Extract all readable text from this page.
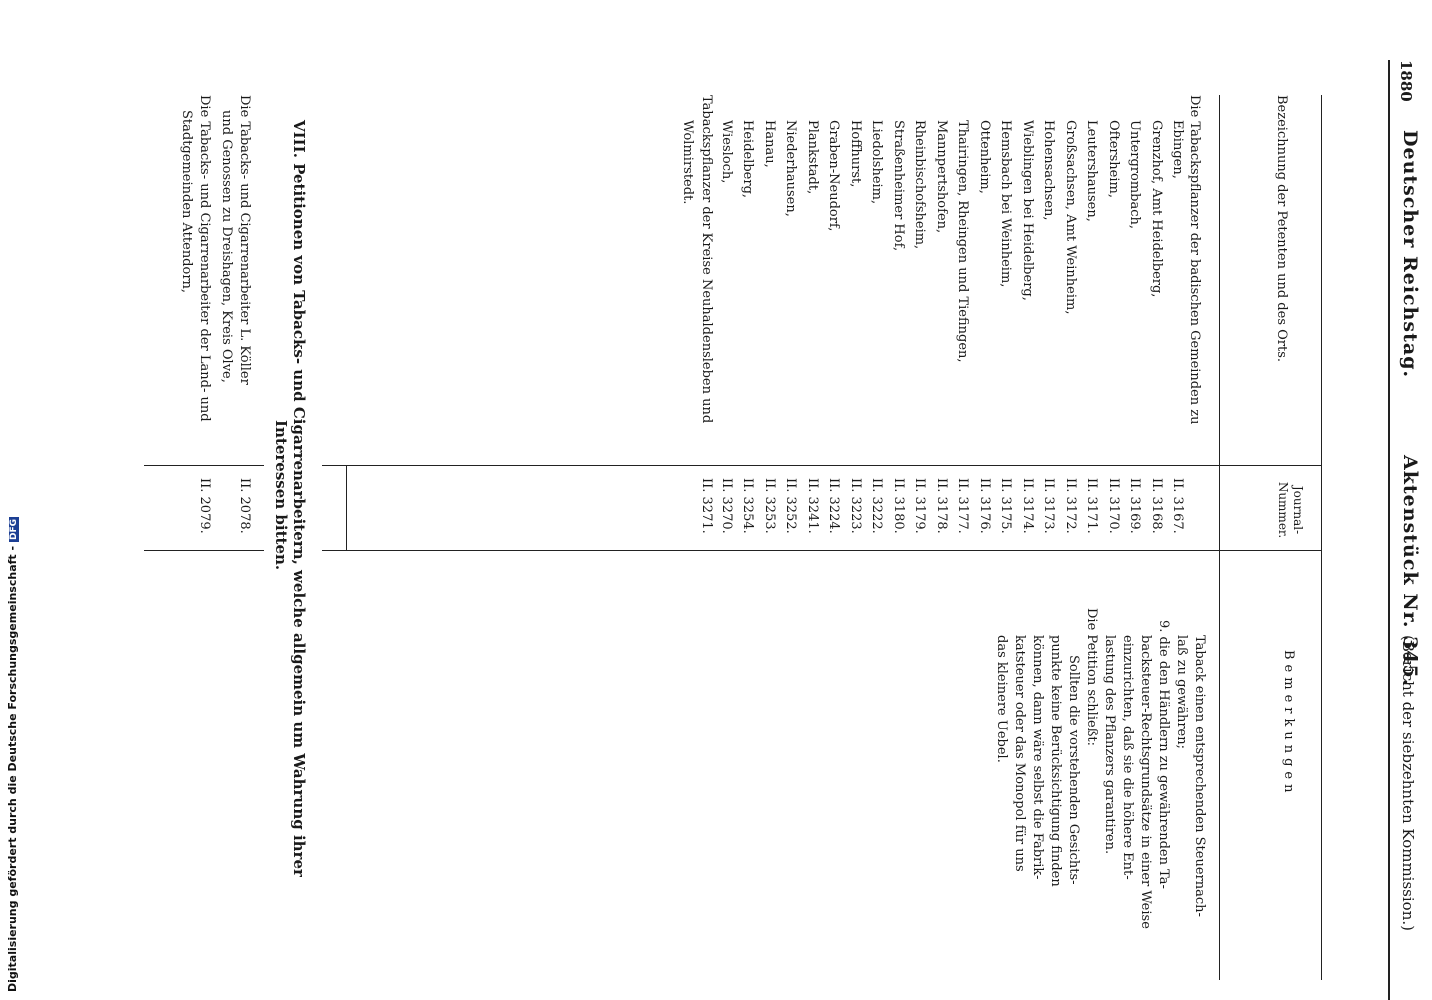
1880
Deutscher Reichstag.
Aktenstück Nr. 345.
(Bericht der siebzehnten Kommission.)
Bezeichnung der Petenten und des Orts.
Journal-Nummer.
Bemerkungen
Die Tabackspflanzer der badischen Gemeinden zu
Ebingen,
II. 3167.
Grenzhof, Amt Heidelberg,
II. 3168.
Untergrombach,
II. 3169.
Oftersheim,
II. 3170.
Leutershausen,
II. 3171.
Großsachsen, Amt Weinheim,
II. 3172.
Hohensachsen,
II. 3173.
Wieblingen bei Heidelberg,
II. 3174.
Hemsbach bei Weinheim,
II. 3175.
Ottenheim,
II. 3176.
Thairingen, Rheingen und Tiefingen,
II. 3177.
Mannpertshofen,
II. 3178.
Rheinbischofsheim,
II. 3179.
Straßenheimer Hof,
II. 3180.
Liedolsheim,
II. 3222.
Hoffhurst,
II. 3223.
Graben-Neudorf,
II. 3224.
Plankstadt,
II. 3241.
Niederhausen,
II. 3252.
Hanau,
II. 3253.
Heidelberg,
II. 3254.
Wiesloch,
II. 3270.
Tabackspflanzer der Kreise Neuhaldensleben und
II. 3271.
Wolmirstedt.
Taback einen entsprechenden Steuernach-
laß zu gewähren;
9. die den Händlern zu gewährenden Ta-
backsteuer-Rechtsgrundsätze in einer Weise
einzurichten, daß sie die höhere Ent-
lastung des Pflanzers garantiren.
Die Petition schließt:
Sollten die vorstehenden Gesichts-
punkte keine Berücksichtigung finden
können, dann wäre selbst die Fabrik-
katsteuer oder das Monopol für uns
das kleinere Uebel.
VIII. Petitionen von Tabacks- und Cigarrenarbeitern, welche allgemein um Wahrung ihrer
Interessen bitten.
Die Tabacks- und Cigarrenarbeiter L. Köller
und Genossen zu Dreishagen, Kreis Olve,
II. 2078.
Die Tabacks- und Cigarrenarbeiter der Land- und
Stadtgemeinden Attendorn,
II. 2079.
Digitalisierung gefördert durch die Deutsche Forschungsgemeinschaft -DFG
